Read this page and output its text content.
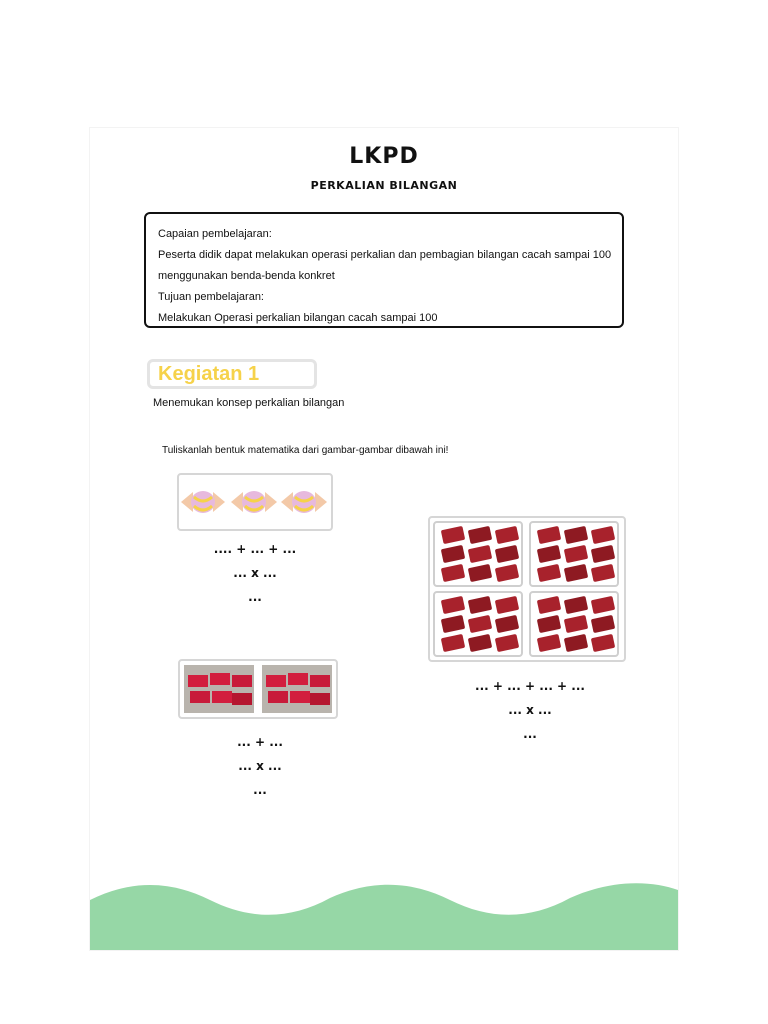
LKPD
PERKALIAN BILANGAN
Capaian pembelajaran:
Peserta didik dapat melakukan operasi perkalian dan pembagian bilangan cacah sampai 100
menggunakan benda-benda konkret
Tujuan pembelajaran:
Melakukan Operasi perkalian bilangan cacah sampai 100
Kegiatan 1
Menemukan konsep perkalian bilangan
Tuliskanlah bentuk matematika dari gambar-gambar dibawah ini!
.... + ... + ...
... x ...
...
... + ...
... x ...
...
... + ... + ... + ...
... x ...
...
